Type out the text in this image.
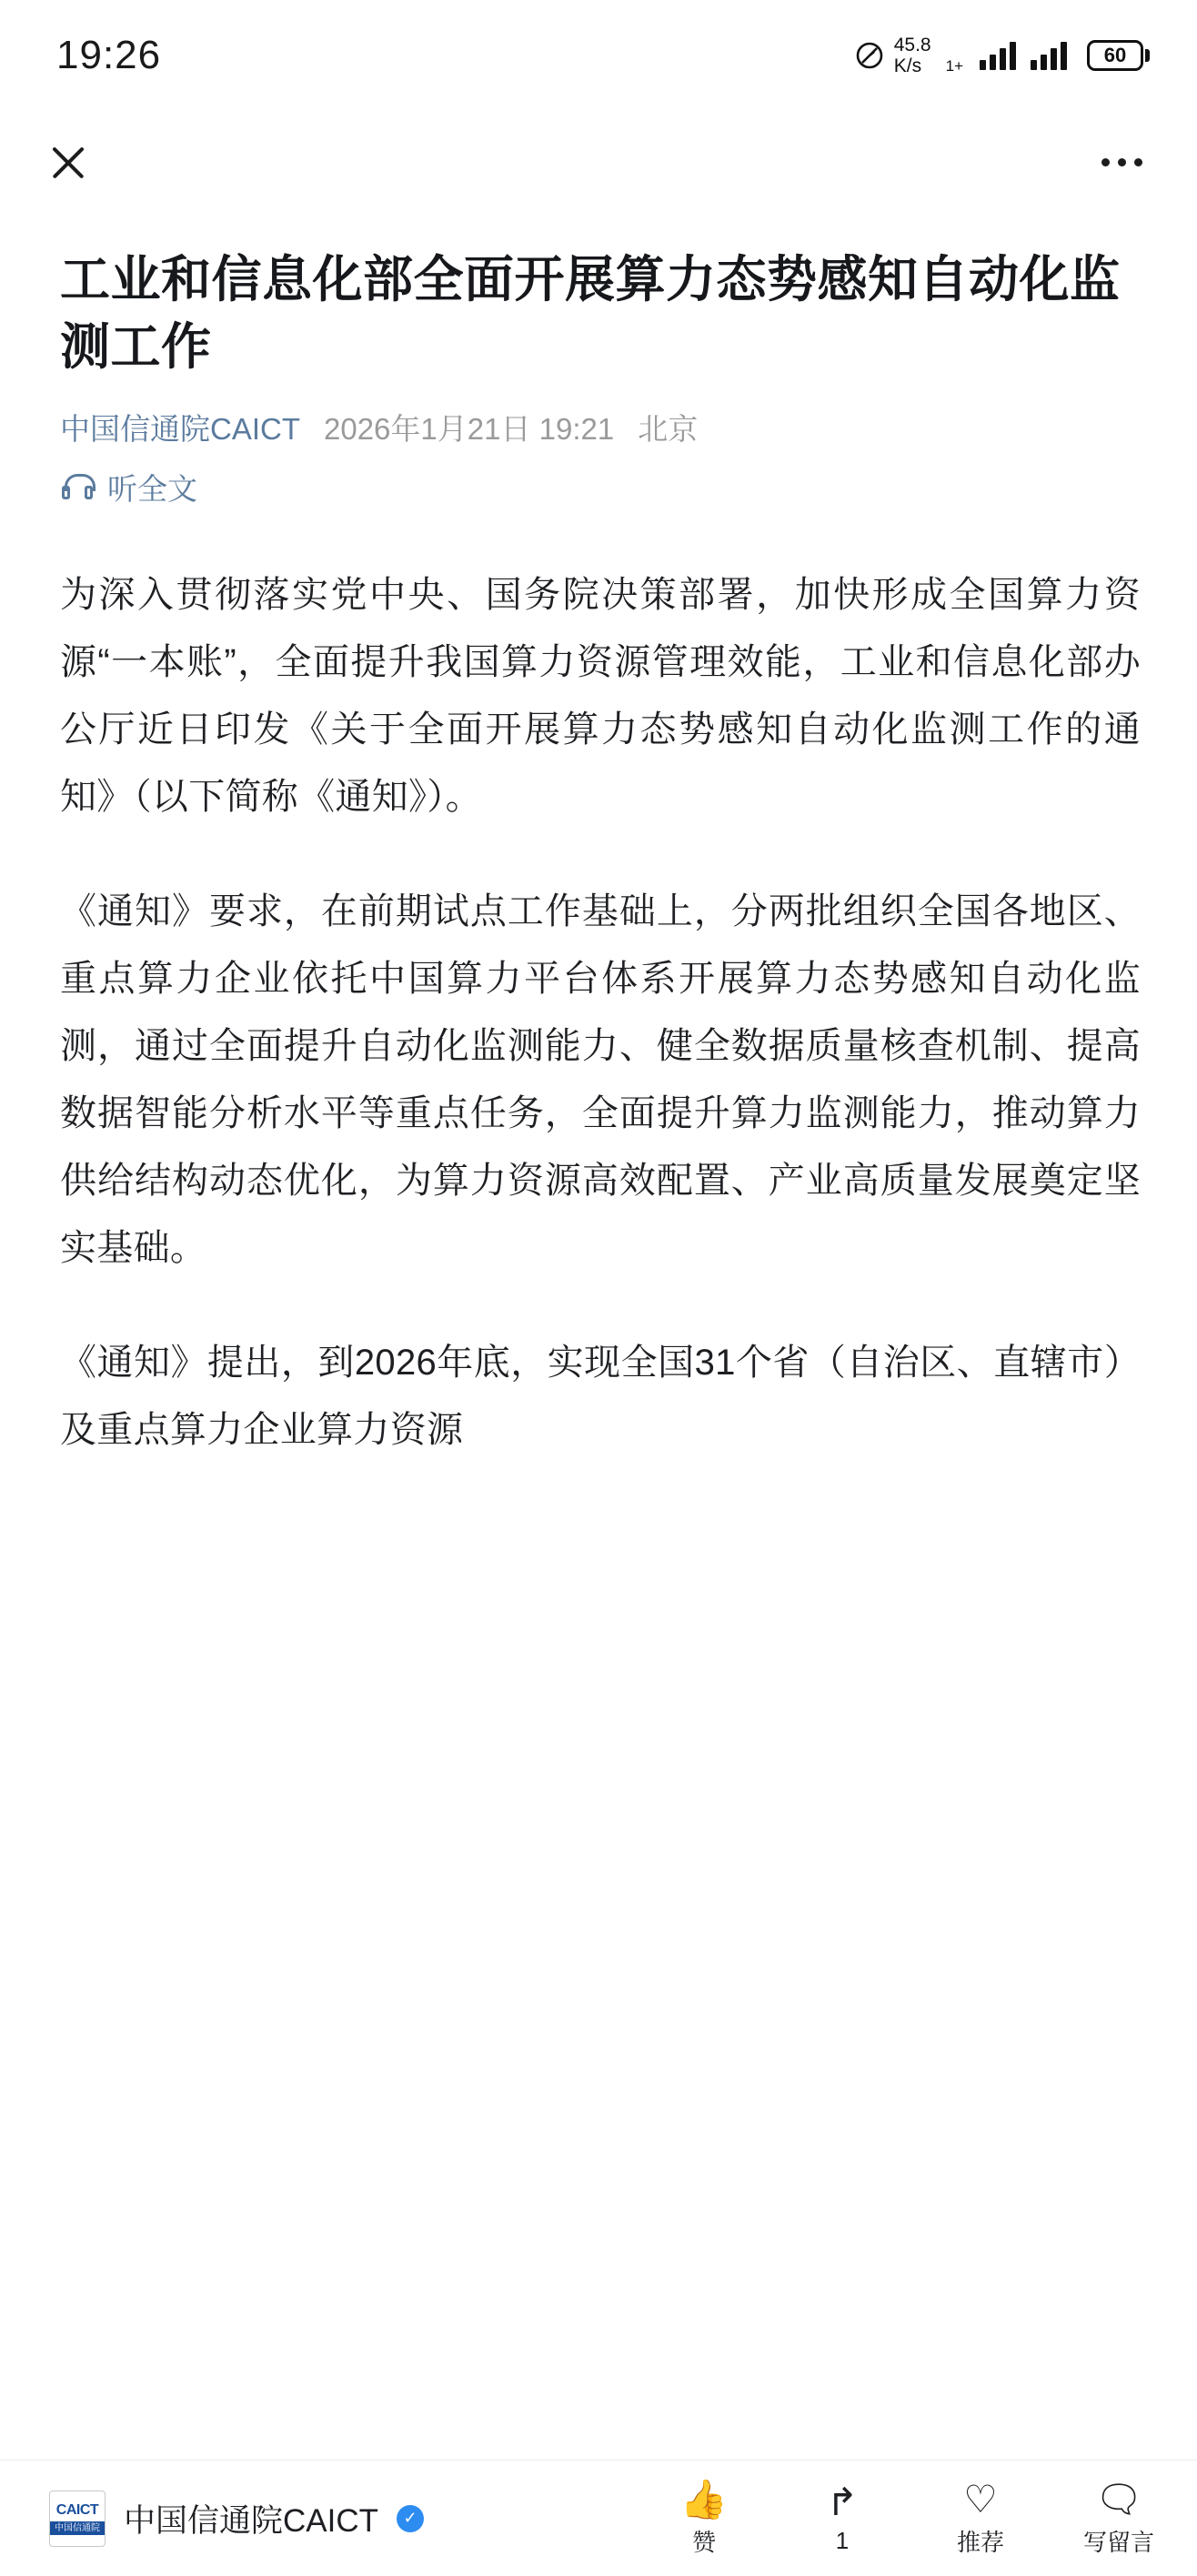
19:26	45.8
K/s	1+	60
工业和信息化部全面开展算力态势感知自动化监测工作
中国信通院CAICT 2026年1月21日 19:21 北京
听全文

为深入贯彻落实党中央、国务院决策部署，加快形成全国算力资源“一本账”，全面提升我国算力资源管理效能，工业和信息化部办公厅近日印发《关于全面开展算力态势感知自动化监测工作的通知》（以下简称《通知》）。

《通知》要求，在前期试点工作基础上，分两批组织全国各地区、重点算力企业依托中国算力平台体系开展算力态势感知自动化监测，通过全面提升自动化监测能力、健全数据质量核查机制、提高数据智能分析水平等重点任务，全面提升算力监测能力，推动算力供给结构动态优化，为算力资源高效配置、产业高质量发展奠定坚实基础。

《通知》提出，到2026年底，实现全国31个省（自治区、直辖市）及重点算力企业算力资源

CAICT
中国信通院 中国信通院CAICT	✓	👍
赞
↱
1
♡
推荐
🗨
写留言
